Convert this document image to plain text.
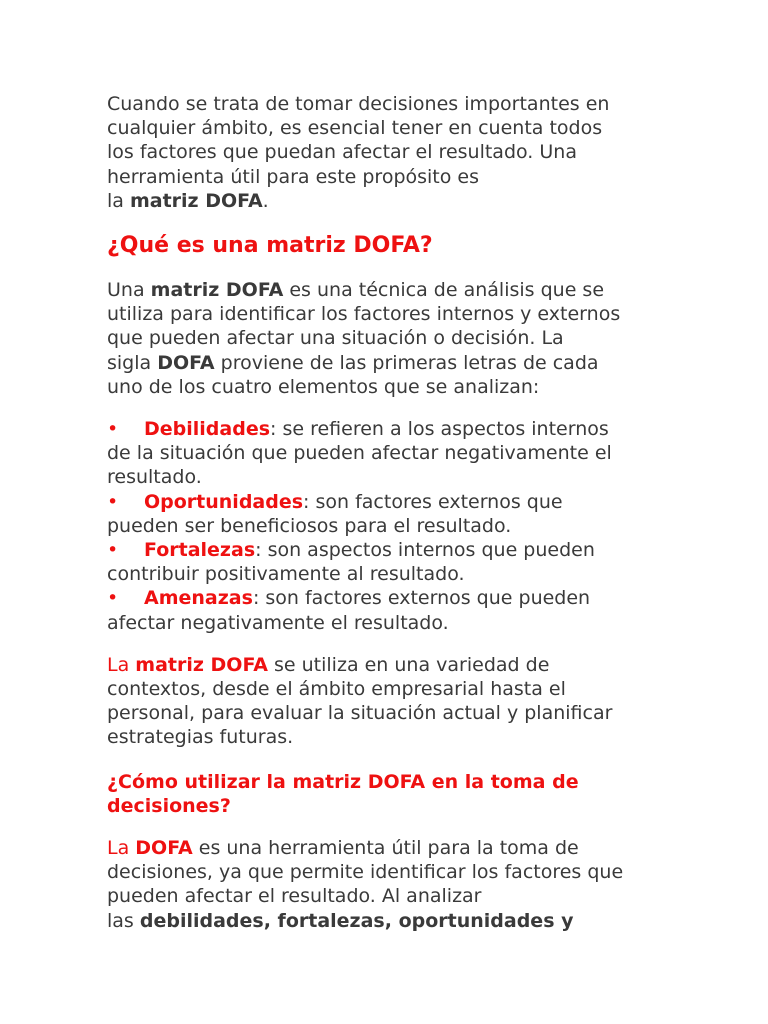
Cuando se trata de tomar decisiones importantes en
cualquier ámbito, es esencial tener en cuenta todos
los factores que puedan afectar el resultado. Una
herramienta útil para este propósito es
la matriz DOFA.

¿Qué es una matriz DOFA?

Una matriz DOFA es una técnica de análisis que se
utiliza para identificar los factores internos y externos
que pueden afectar una situación o decisión. La
sigla DOFA proviene de las primeras letras de cada
uno de los cuatro elementos que se analizan:

• Debilidades: se refieren a los aspectos internos
de la situación que pueden afectar negativamente el
resultado.

• Oportunidades: son factores externos que
pueden ser beneficiosos para el resultado.

• Fortalezas: son aspectos internos que pueden
contribuir positivamente al resultado.

• Amenazas: son factores externos que pueden
afectar negativamente el resultado.

La matriz DOFA se utiliza en una variedad de
contextos, desde el ámbito empresarial hasta el
personal, para evaluar la situación actual y planificar
estrategias futuras.

¿Cómo utilizar la matriz DOFA en la toma de
decisiones?

La DOFA es una herramienta útil para la toma de
decisiones, ya que permite identificar los factores que
pueden afectar el resultado. Al analizar
las debilidades, fortalezas, oportunidades y
